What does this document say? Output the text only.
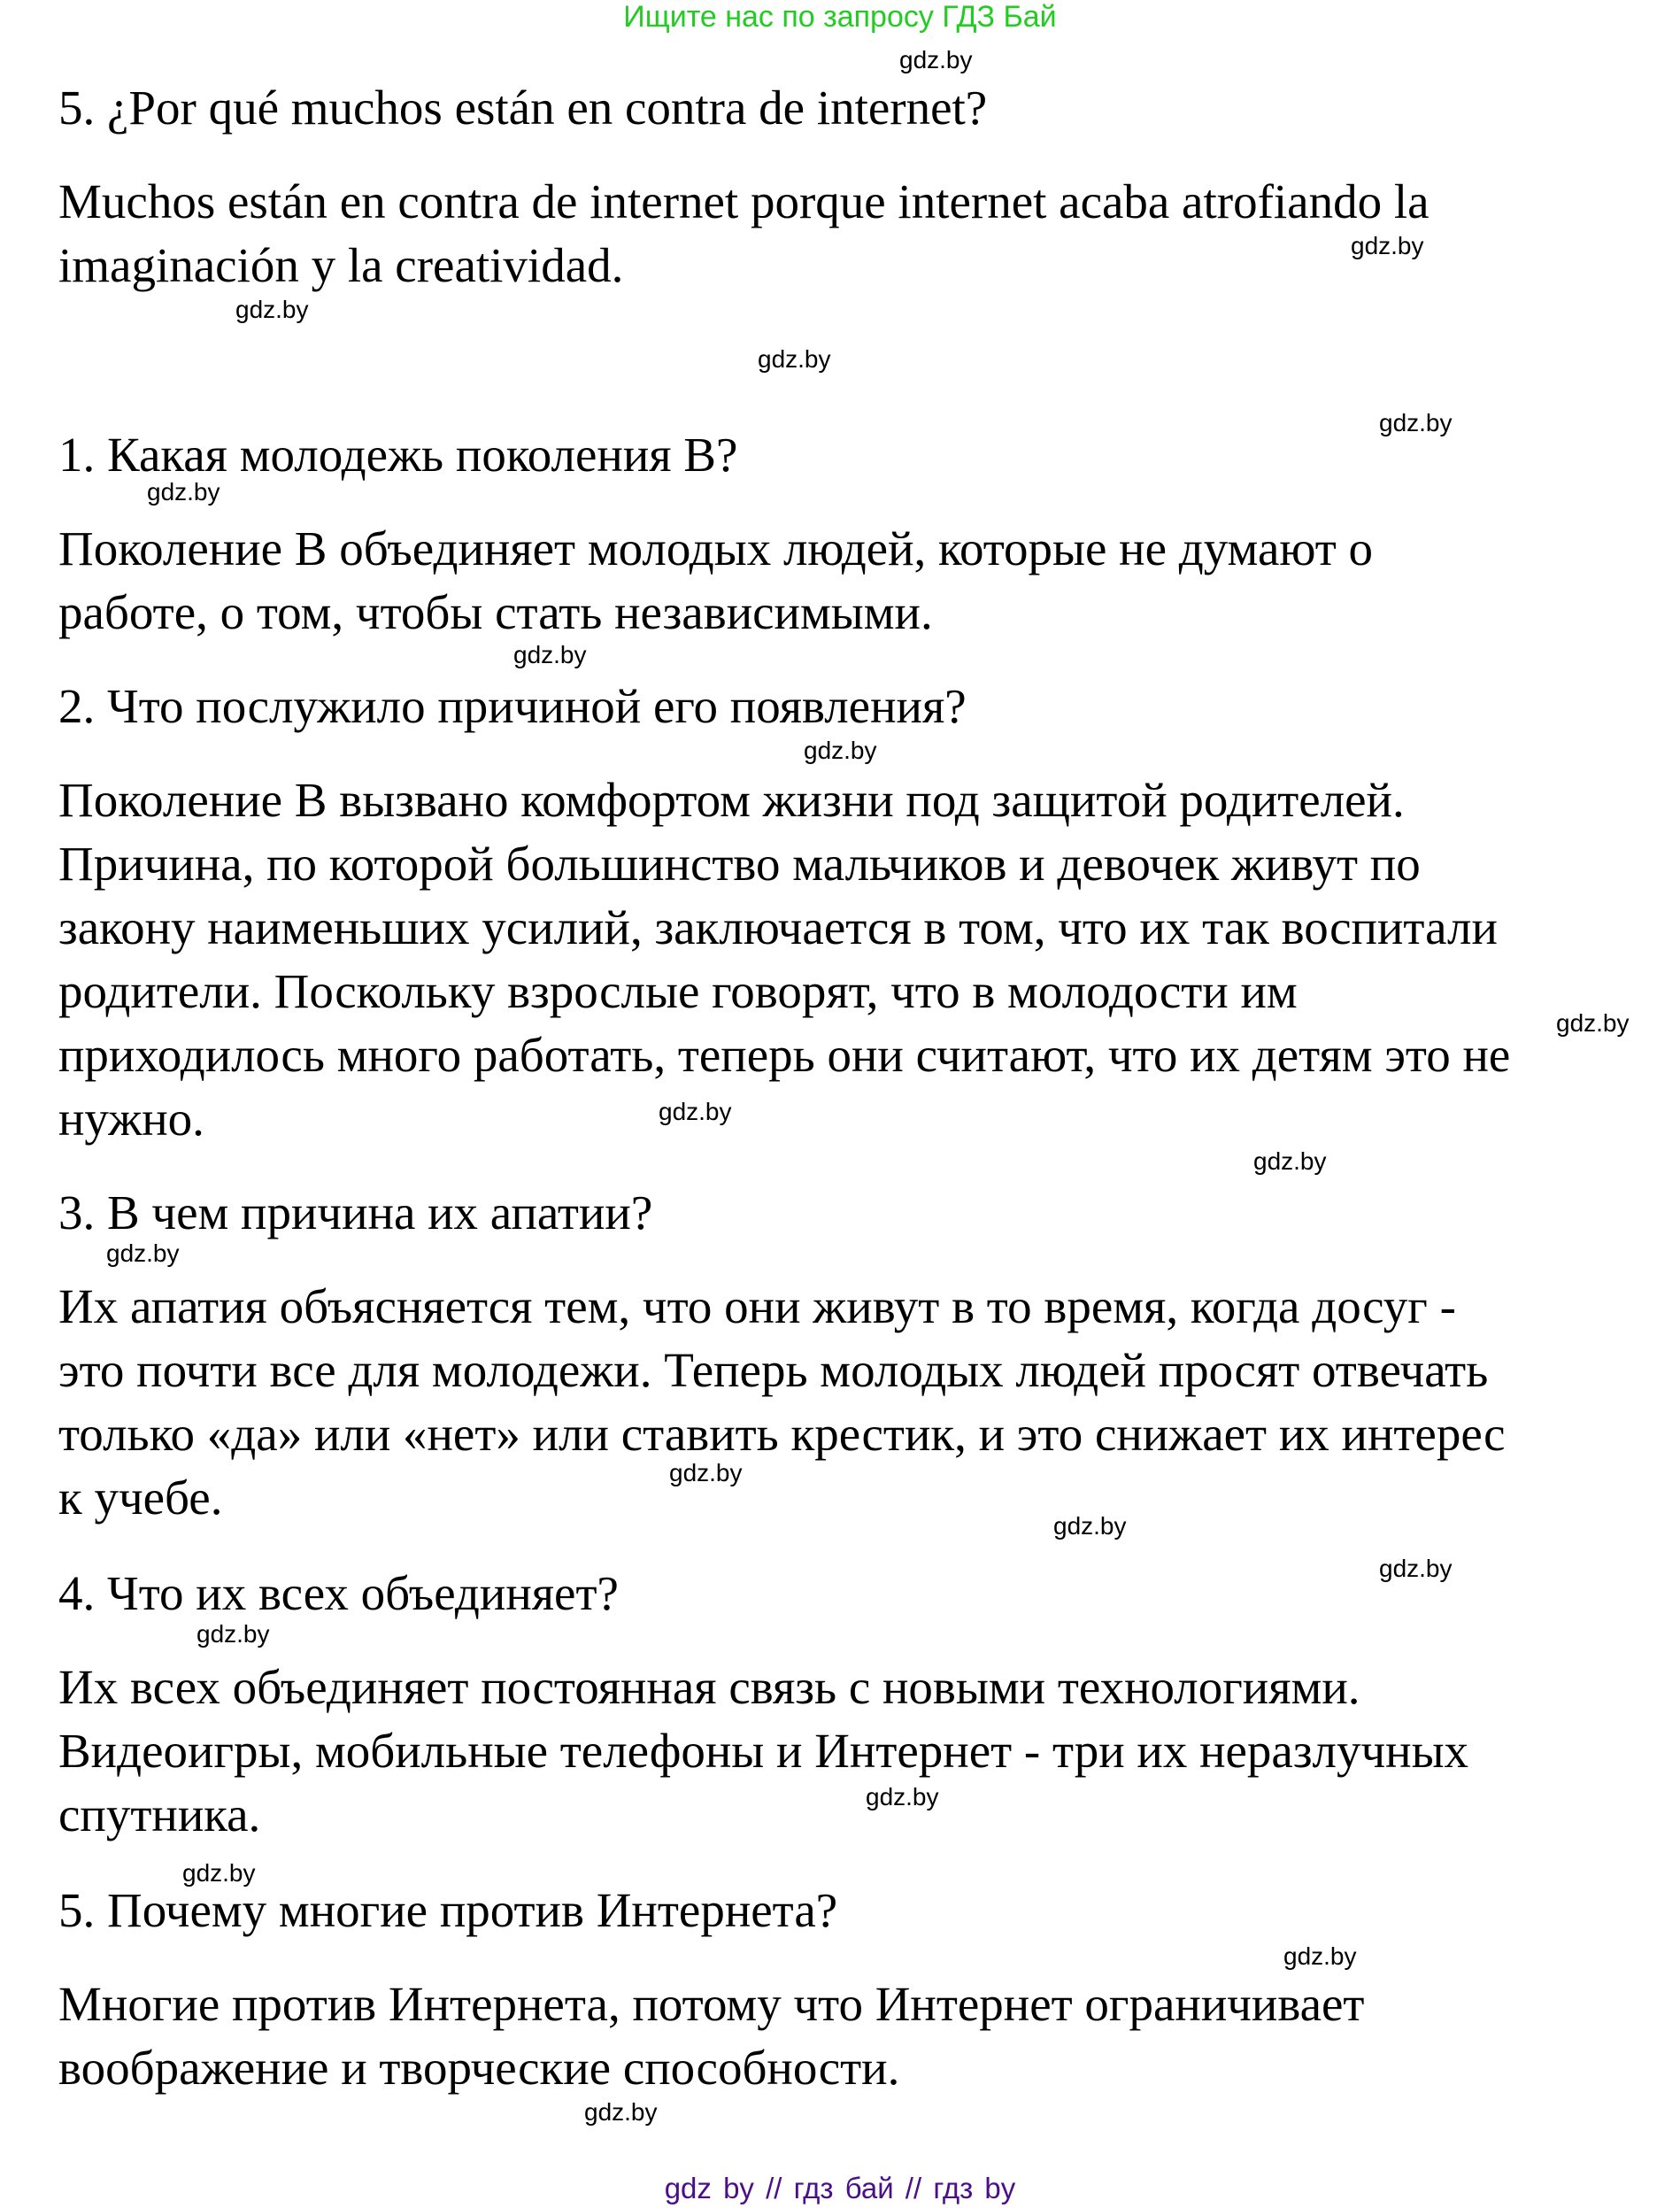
Ищите нас по запросу ГДЗ Бай
5. ¿Por qué muchos están en contra de internet?
Muchos están en contra de internet porque internet acaba atrofiando la
imaginación y la creatividad.
1. Какая молодежь поколения В?
Поколение В объединяет молодых людей, которые не думают о
работе, о том, чтобы стать независимыми.
2. Что послужило причиной его появления?
Поколение В вызвано комфортом жизни под защитой родителей.
Причина, по которой большинство мальчиков и девочек живут по
закону наименьших усилий, заключается в том, что их так воспитали
родители. Поскольку взрослые говорят, что в молодости им
приходилось много работать, теперь они считают, что их детям это не
нужно.
3. В чем причина их апатии?
Их апатия объясняется тем, что они живут в то время, когда досуг -
это почти все для молодежи. Теперь молодых людей просят отвечать
только «да» или «нет» или ставить крестик, и это снижает их интерес
к учебе.
4. Что их всех объединяет?
Их всех объединяет постоянная связь с новыми технологиями.
Видеоигры, мобильные телефоны и Интернет - три их неразлучных
спутника.
5. Почему многие против Интернета?
Многие против Интернета, потому что Интернет ограничивает
воображение и творческие способности.
gdz.by
gdz.by
gdz.by
gdz.by
gdz.by
gdz.by
gdz.by
gdz.by
gdz.by
gdz.by
gdz.by
gdz.by
gdz.by
gdz.by
gdz.by
gdz.by
gdz.by
gdz.by
gdz.by
gdz.by
gdz by // гдз бай // гдз by
